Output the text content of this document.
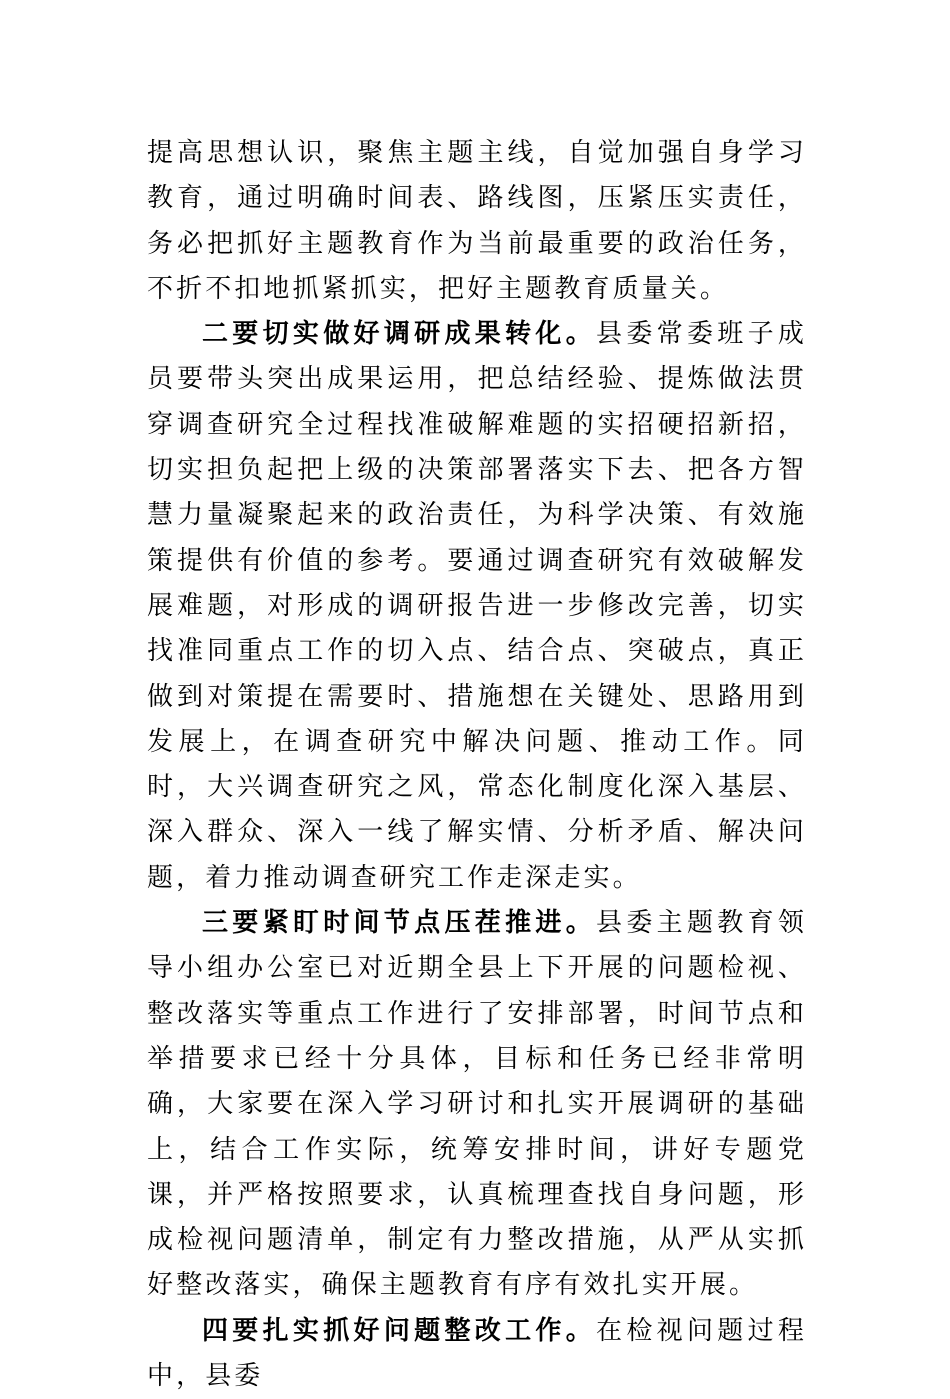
提高思想认识，聚焦主题主线，自觉加强自身学习教育，通过明确时间表、路线图，压紧压实责任，务必把抓好主题教育作为当前最重要的政治任务，不折不扣地抓紧抓实，把好主题教育质量关。

二要切实做好调研成果转化。县委常委班子成员要带头突出成果运用，把总结经验、提炼做法贯穿调查研究全过程找准破解难题的实招硬招新招，切实担负起把上级的决策部署落实下去、把各方智慧力量凝聚起来的政治责任，为科学决策、有效施策提供有价值的参考。要通过调查研究有效破解发展难题，对形成的调研报告进一步修改完善，切实找准同重点工作的切入点、结合点、突破点，真正做到对策提在需要时、措施想在关键处、思路用到发展上，在调查研究中解决问题、推动工作。同时，大兴调查研究之风，常态化制度化深入基层、深入群众、深入一线了解实情、分析矛盾、解决问题，着力推动调查研究工作走深走实。

三要紧盯时间节点压茬推进。县委主题教育领导小组办公室已对近期全县上下开展的问题检视、整改落实等重点工作进行了安排部署，时间节点和举措要求已经十分具体，目标和任务已经非常明确，大家要在深入学习研讨和扎实开展调研的基础上，结合工作实际，统筹安排时间，讲好专题党课，并严格按照要求，认真梳理查找自身问题，形成检视问题清单，制定有力整改措施，从严从实抓好整改落实，确保主题教育有序有效扎实开展。

四要扎实抓好问题整改工作。在检视问题过程中，县委
